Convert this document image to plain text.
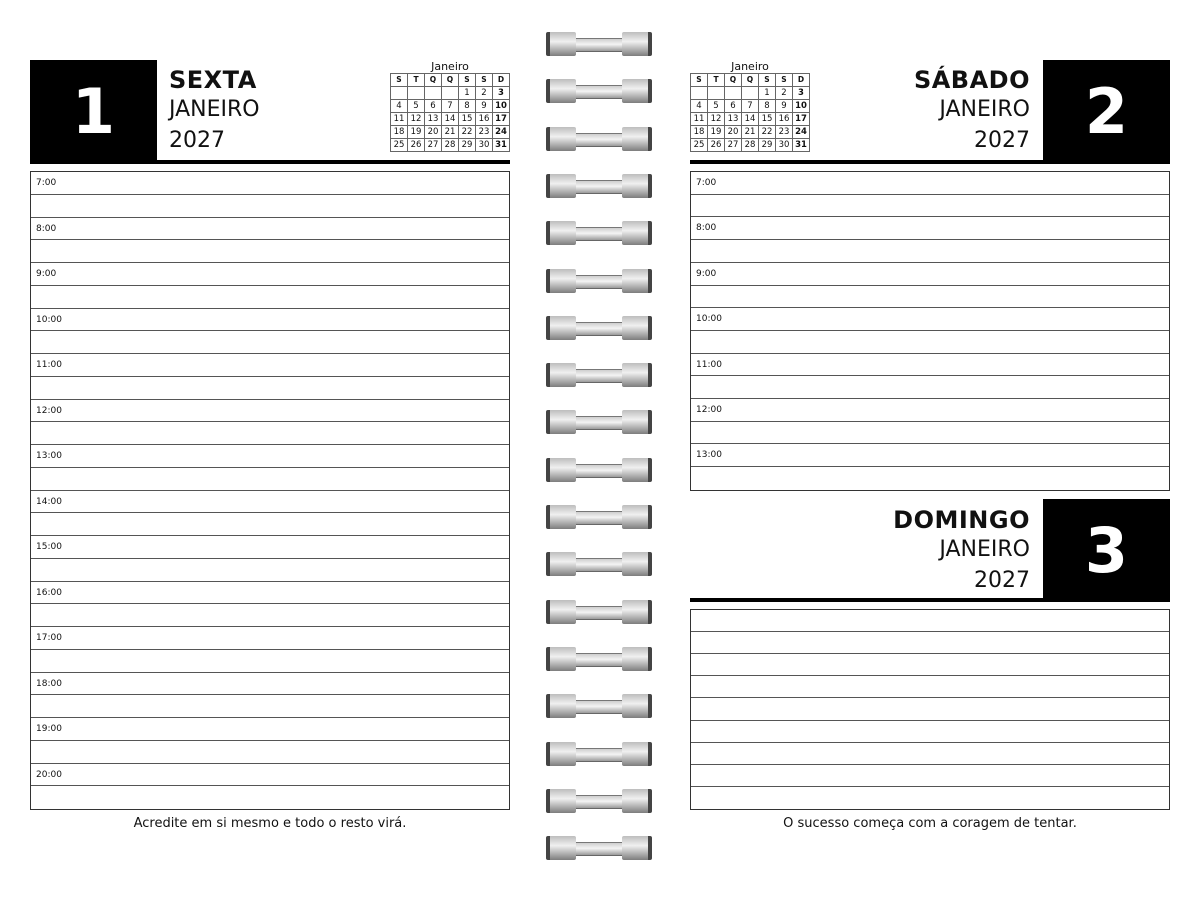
1	SEXTA
JANEIRO
2027
Janeiro
S	T	Q	Q	S	S	D
				1	2	3
4	5	6	7	8	9	10
11	12	13	14	15	16	17
18	19	20	21	22	23	24
25	26	27	28	29	30	31
7:00
8:00
9:00
10:00
11:00
12:00
13:00
14:00
15:00
16:00
17:00
18:00
19:00
20:00
Acredite em si mesmo e todo o resto virá.
Janeiro
S	T	Q	Q	S	S	D
				1	2	3
4	5	6	7	8	9	10
11	12	13	14	15	16	17
18	19	20	21	22	23	24
25	26	27	28	29	30	31
SÁBADO
JANEIRO
2027 2
7:00
8:00
9:00
10:00
11:00
12:00
13:00
DOMINGO
JANEIRO
2027 3
O sucesso começa com a coragem de tentar.
